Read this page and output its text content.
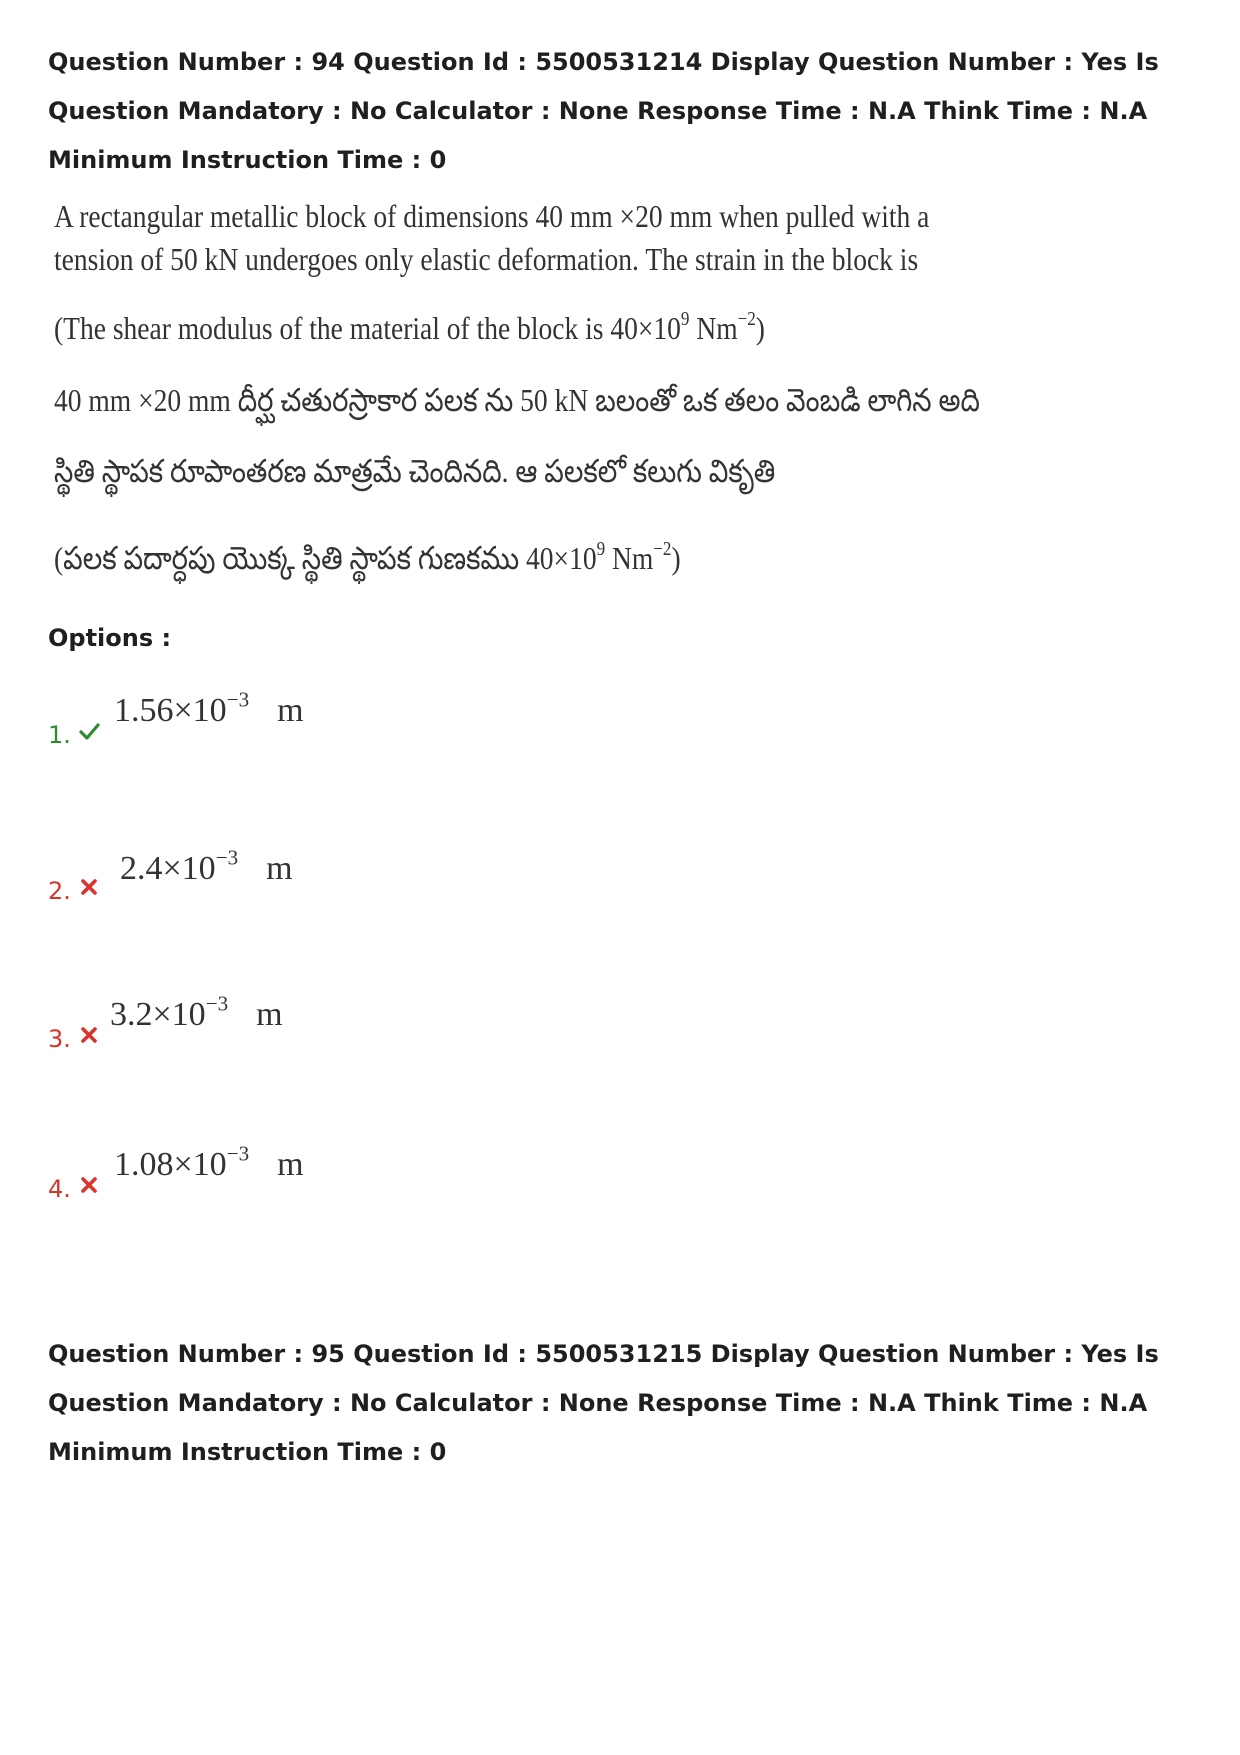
Question Number : 94 Question Id : 5500531214 Display Question Number : Yes Is Question Mandatory : No Calculator : None Response Time : N.A Think Time : N.A Minimum Instruction Time : 0
A rectangular metallic block of dimensions 40 mm ×20 mm when pulled with a
tension of 50 kN undergoes only elastic deformation. The strain in the block is
(The shear modulus of the material of the block is $40\times 10^9$ $Nm^{-2}$)
40 mm ×20 mm దీర్ఘ చతురస్రాకార పలక ను 50 kN బలంతో ఒక తలం వెంబడి లాగిన అది
స్థితి స్థాపక రూపాంతరణ మాత్రమే చెందినది. ఆ పలకలో కలుగు వికృతి
(పలక పదార్ధపు యొక్క స్థితి స్థాపక గుణకము $40\times 10^9$ $Nm^{-2}$)
Options :
1.
$1.56\times 10^{-3}$ m
2.
$2.4\times 10^{-3}$ m
3.
$3.2\times 10^{-3}$ m
4.
$1.08\times 10^{-3}$ m
Question Number : 95 Question Id : 5500531215 Display Question Number : Yes Is Question Mandatory : No Calculator : None Response Time : N.A Think Time : N.A Minimum Instruction Time : 0
